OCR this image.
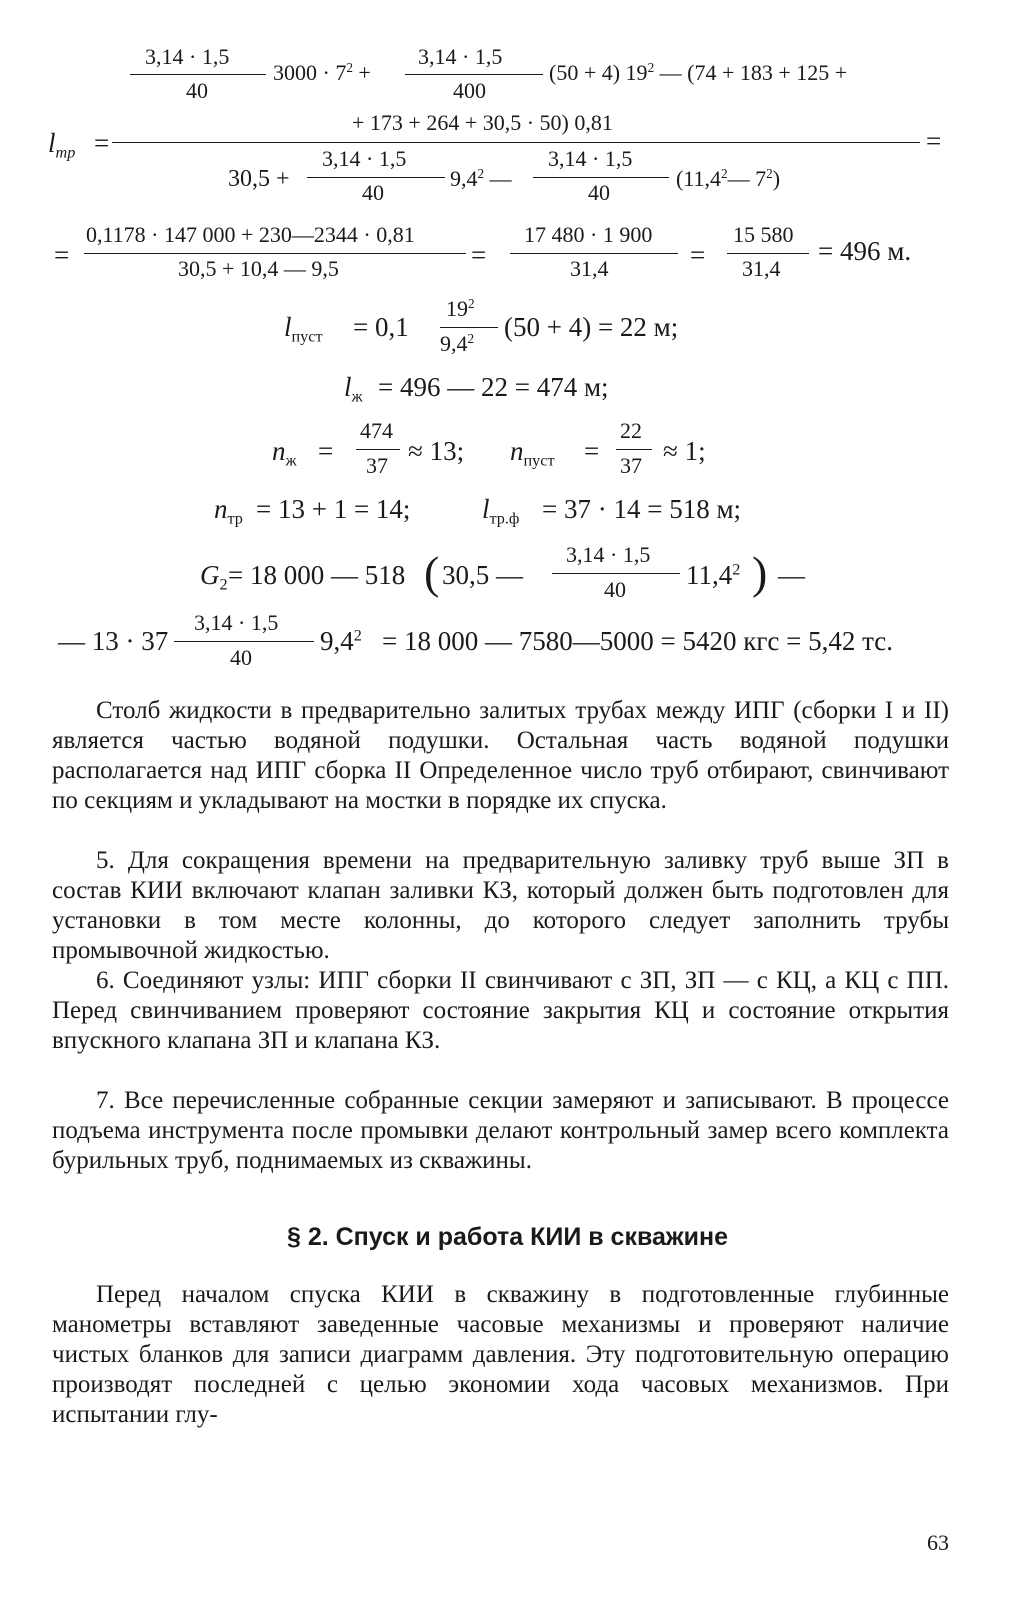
3,14 · 1,5
40
$3000 \cdot 7^2$ +
3,14 · 1,5
400
(50 + 4) $19^2$ — (74 + 183 + 125 +
+ 173 + 264 + 30,5 · 50) 0,81
$l_{тр}$ =	=
30,5 +
3,14 · 1,5
40
$9,4^2$ —
3,14 · 1,5
40
(11,4$^2$— $7^2$)
=
0,1178 · 147 000 + 230—2344 · 0,81
30,5 + 10,4 — 9,5	=
17 480 · 1 900
31,4	=
15 580
31,4
= 496 м.
$l_{пуст} = 0,1$
$19^2$
$9,4^2$ (50 + 4) = 22 м;
$l_ж = 496$ — 22 = 474 м;
$n_ж$ =
474
37 ≈ 13; $n_{пуст}$ =
22
37 ≈ 1;
$n_{тр} = 13 + 1 = 14$;	$l_{тр.ф} = 37 \cdot 14 = 518$ м;
$G_2 = 18$ 000 — 518 ( 30,5 —
3,14 · 1,5
40 11,4$^2$ ) —
— 13 · 37
3,14 · 1,5
40
$9,4^2 = 18$ 000 — 7580—5000 = 5420 кгс = 5,42 тс.

Столб жидкости в предварительно залитых трубах между ИПГ (сборки I и II) является частью водяной подушки. Остальная часть водяной подушки располагается над ИПГ сборка II Определенное число труб отбирают, свинчивают по секциям и укладывают на мостки в порядке их спуска.

5. Для сокращения времени на предварительную заливку труб выше ЗП в состав КИИ включают клапан заливки КЗ, который должен быть подготовлен для установки в том месте колонны, до которого следует заполнить трубы промывочной жидкостью.

6. Соединяют узлы: ИПГ сборки II свинчивают с ЗП, ЗП — с КЦ, а КЦ с ПП. Перед свинчиванием проверяют состояние закрытия КЦ и состояние открытия впускного клапана ЗП и клапана КЗ.

7. Все перечисленные собранные секции замеряют и записывают. В процессе подъема инструмента после промывки делают контрольный замер всего комплекта бурильных труб, поднимаемых из скважины.

§ 2. Спуск и работа КИИ в скважине

Перед началом спуска КИИ в скважину в подготовленные глубинные манометры вставляют заведенные часовые механизмы и проверяют наличие чистых бланков для записи диаграмм давления. Эту подготовительную операцию производят последней с целью экономии хода часовых механизмов. При испытании глу-

63
